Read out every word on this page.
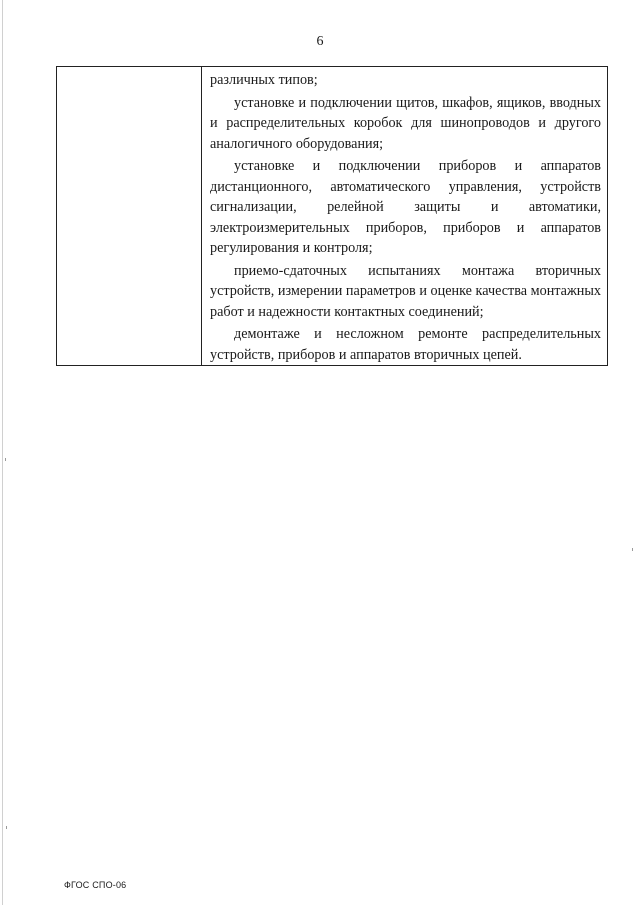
6

различных типов;

установке и подключении щитов, шкафов, ящиков, вводных и распределительных коробок для шинопроводов и другого аналогичного оборудования;

установке и подключении приборов и аппаратов дистанционного, автоматического управления, устройств сигнализации, релейной защиты и автоматики, электроизмерительных приборов, приборов и аппаратов регулирования и контроля;

приемо-сдаточных испытаниях монтажа вторичных устройств, измерении параметров и оценке качества монтажных работ и надежности контактных соединений;

демонтаже и несложном ремонте распределительных устройств, приборов и аппаратов вторичных цепей.

ФГОС СПО-06
